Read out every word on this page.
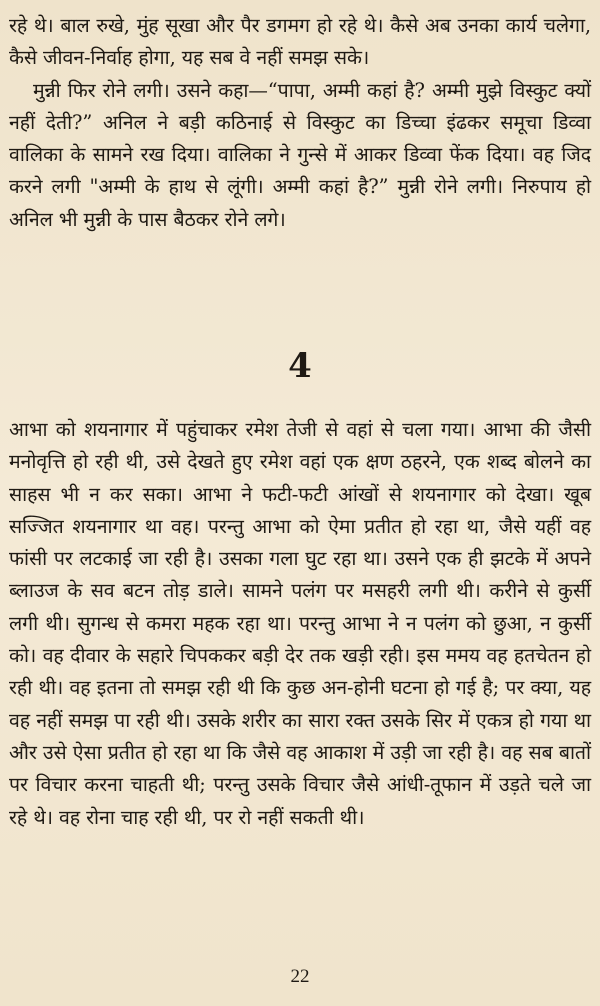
रहे थे। बाल रुखे, मुंह सूखा और पैर डगमग हो रहे थे। कैसे अब उनका कार्य चलेगा, कैसे जीवन-निर्वाह होगा, यह सब वे नहीं समझ सके।

मुन्नी फिर रोने लगी। उसने कहा—“पापा, अम्मी कहां है? अम्मी मुझे विस्कुट क्यों नहीं देती?” अनिल ने बड़ी कठिनाई से विस्कुट का डिच्चा इंढकर समूचा डिव्वा वालिका के सामने रख दिया। वालिका ने गुन्से में आकर डिव्वा फेंक दिया। वह जिद करने लगी "अम्मी के हाथ से लूंगी। अम्मी कहां है?” मुन्नी रोने लगी। निरुपाय हो अनिल भी मुन्नी के पास बैठकर रोने लगे।

4

आभा को शयनागार में पहुंचाकर रमेश तेजी से वहां से चला गया। आभा की जैसी मनोवृत्ति हो रही थी, उसे देखते हुए रमेश वहां एक क्षण ठहरने, एक शब्द बोलने का साहस भी न कर सका। आभा ने फटी-फटी आंखों से शयनागार को देखा। खूब सज्जित शयनागार था वह। परन्तु आभा को ऐमा प्रतीत हो रहा था, जैसे यहीं वह फांसी पर लटकाई जा रही है। उसका गला घुट रहा था। उसने एक ही झटके में अपने ब्लाउज के सव बटन तोड़ डाले। सामने पलंग पर मसहरी लगी थी। करीने से कुर्सी लगी थी। सुगन्ध से कमरा महक रहा था। परन्तु आभा ने न पलंग को छुआ, न कुर्सी को। वह दीवार के सहारे चिपककर बड़ी देर तक खड़ी रही। इस ममय वह हतचेतन हो रही थी। वह इतना तो समझ रही थी कि कुछ अन-होनी घटना हो गई है; पर क्या, यह वह नहीं समझ पा रही थी। उसके शरीर का सारा रक्त उसके सिर में एकत्र हो गया था और उसे ऐसा प्रतीत हो रहा था कि जैसे वह आकाश में उड़ी जा रही है। वह सब बातों पर विचार करना चाहती थी; परन्तु उसके विचार जैसे आंधी-तूफान में उड़ते चले जा रहे थे। वह रोना चाह रही थी, पर रो नहीं सकती थी।

22
